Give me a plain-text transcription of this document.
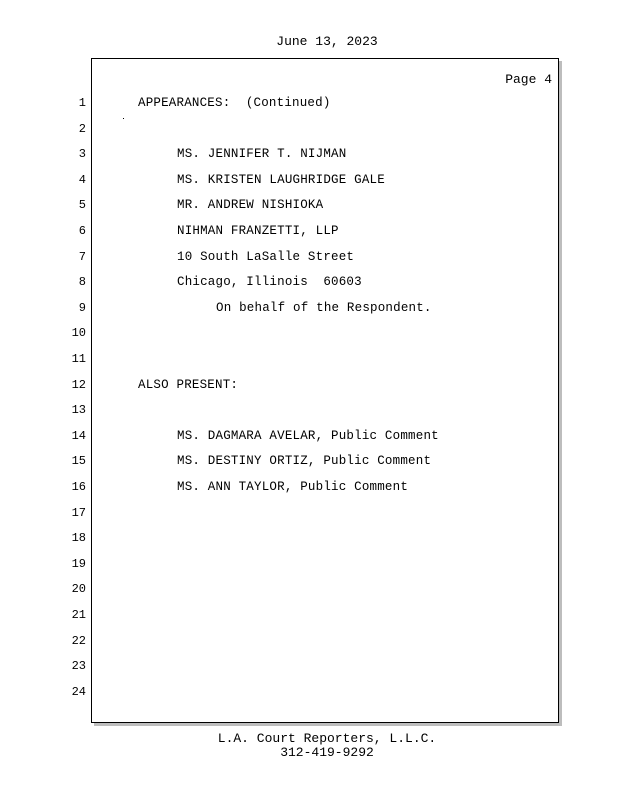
June 13, 2023
Page 4
1	APPEARANCES:  (Continued)
2
3	MS. JENNIFER T. NIJMAN
4	MS. KRISTEN LAUGHRIDGE GALE
5	MR. ANDREW NISHIOKA
6	NIHMAN FRANZETTI, LLP
7	10 South LaSalle Street
8	Chicago, Illinois  60603
9	On behalf of the Respondent.
10
11
12	ALSO PRESENT:
13
14	MS. DAGMARA AVELAR, Public Comment
15	MS. DESTINY ORTIZ, Public Comment
16	MS. ANN TAYLOR, Public Comment
17
18
19
20
21
22
23
24
L.A. Court Reporters, L.L.C.
312-419-9292
